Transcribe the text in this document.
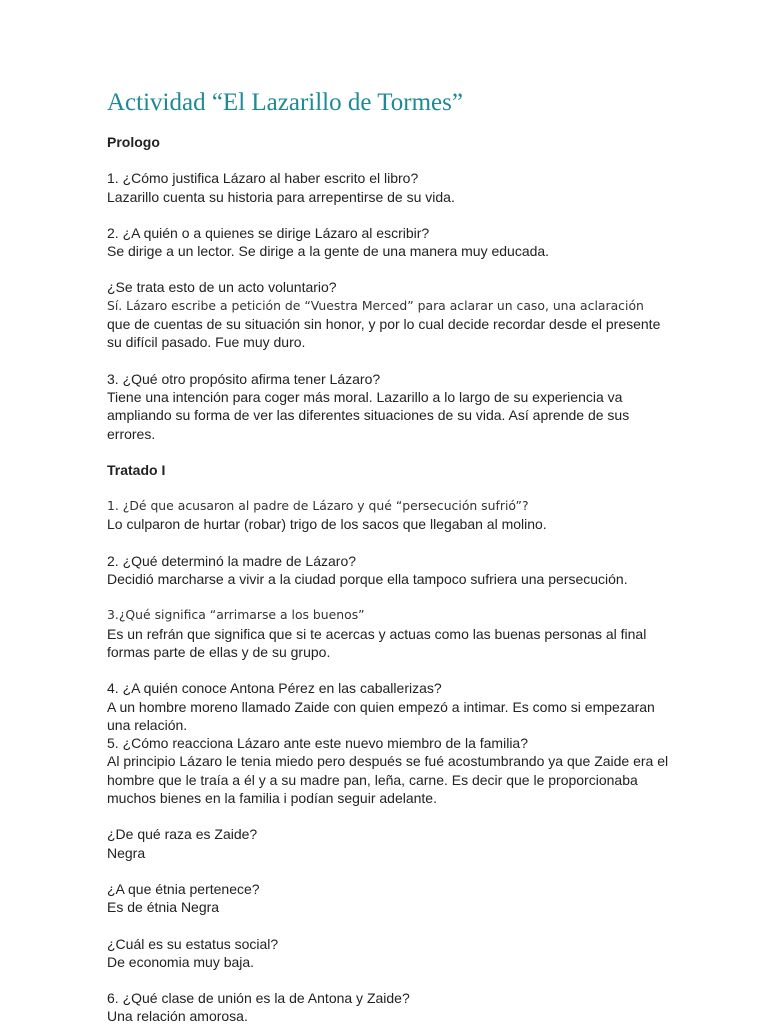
Actividad “El Lazarillo de Tormes”
Prologo
1. ¿Cómo justifica Lázaro al haber escrito el libro?
Lazarillo cuenta su historia para arrepentirse de su vida.
2. ¿A quién o a quienes se dirige Lázaro al escribir?
Se dirige a un lector. Se dirige a la gente de una manera muy educada.
¿Se trata esto de un acto voluntario?
Sí. Lázaro escribe a petición de “Vuestra Merced” para aclarar un caso, una aclaración
que de cuentas de su situación sin honor, y por lo cual decide recordar desde el presente
su difícil pasado. Fue muy duro.
3. ¿Qué otro propósito afirma tener Lázaro?
Tiene una intención para coger más moral. Lazarillo a lo largo de su experiencia va
ampliando su forma de ver las diferentes situaciones de su vida. Así aprende de sus
errores.
Tratado I
1. ¿Dé que acusaron al padre de Lázaro y qué “persecución sufrió”?
Lo culparon de hurtar (robar) trigo de los sacos que llegaban al molino.
2. ¿Qué determinó la madre de Lázaro?
Decidió marcharse a vivir a la ciudad porque ella tampoco sufriera una persecución.
3.¿Qué significa “arrimarse a los buenos”
Es un refrán que significa que si te acercas y actuas como las buenas personas al final
formas parte de ellas y de su grupo.
4. ¿A quién conoce Antona Pérez en las caballerizas?
A un hombre moreno llamado Zaide con quien empezó a intimar. Es como si empezaran
una relación.
5. ¿Cómo reacciona Lázaro ante este nuevo miembro de la familia?
Al principio Lázaro le tenia miedo pero después se fué acostumbrando ya que Zaide era el
hombre que le traía a él y a su madre pan, leña, carne. Es decir que le proporcionaba
muchos bienes en la familia i podían seguir adelante.
¿De qué raza es Zaide?
Negra
¿A que étnia pertenece?
Es de étnia Negra
¿Cuál es su estatus social?
De economia muy baja.
6. ¿Qué clase de unión es la de Antona y Zaide?
Una relación amorosa.
